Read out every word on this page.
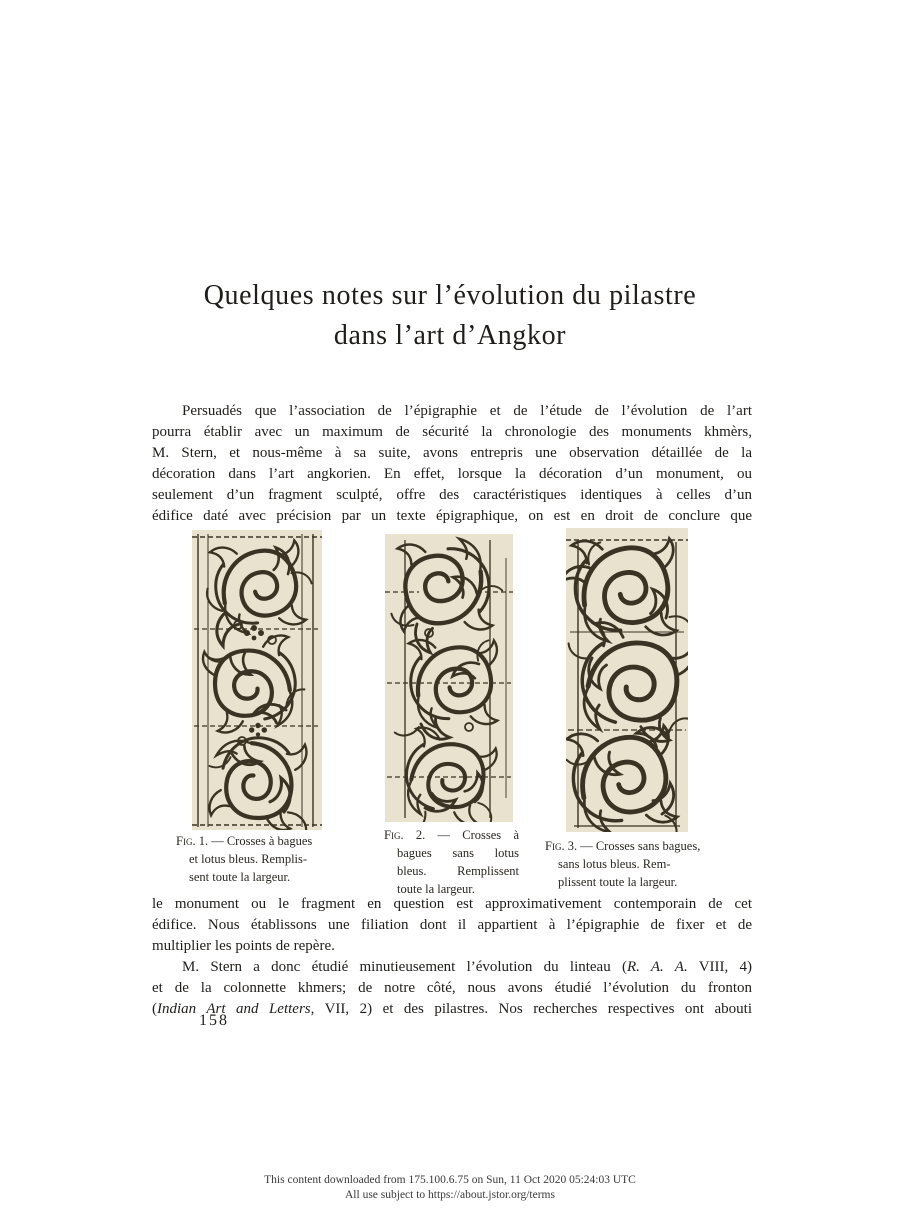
Quelques notes sur l’évolution du pilastre
dans l’art d’Angkor
Persuadés que l’association de l’épigraphie et de l’étude de l’évolution de l’art
pourra établir avec un maximum de sécurité la chronologie des monuments khmèrs,
M. Stern, et nous-même à sa suite, avons entrepris une observation détaillée de la
décoration dans l’art angkorien. En effet, lorsque la décoration d’un monument, ou
seulement d’un fragment sculpté, offre des caractéristiques identiques à celles d’un
édifice daté avec précision par un texte épigraphique, on est en droit de conclure que
Fig. 1. — Crosses à bagues
et lotus bleus. Remplis-
sent toute la largeur.
Fig. 2. — Crosses à
bagues sans lotus
bleus. Remplissent
toute la largeur.
Fig. 3. — Crosses sans bagues,
sans lotus bleus. Rem-
plissent toute la largeur.
le monument ou le fragment en question est approximativement contemporain de cet
édifice. Nous établissons une filiation dont il appartient à l’épigraphie de fixer et de
multiplier les points de repère.
M. Stern a donc étudié minutieusement l’évolution du linteau (R. A. A. VIII, 4)
et de la colonnette khmers; de notre côté, nous avons étudié l’évolution du fronton
(Indian Art and Letters, VII, 2) et des pilastres. Nos recherches respectives ont abouti
158
This content downloaded from 175.100.6.75 on Sun, 11 Oct 2020 05:24:03 UTC
All use subject to https://about.jstor.org/terms
